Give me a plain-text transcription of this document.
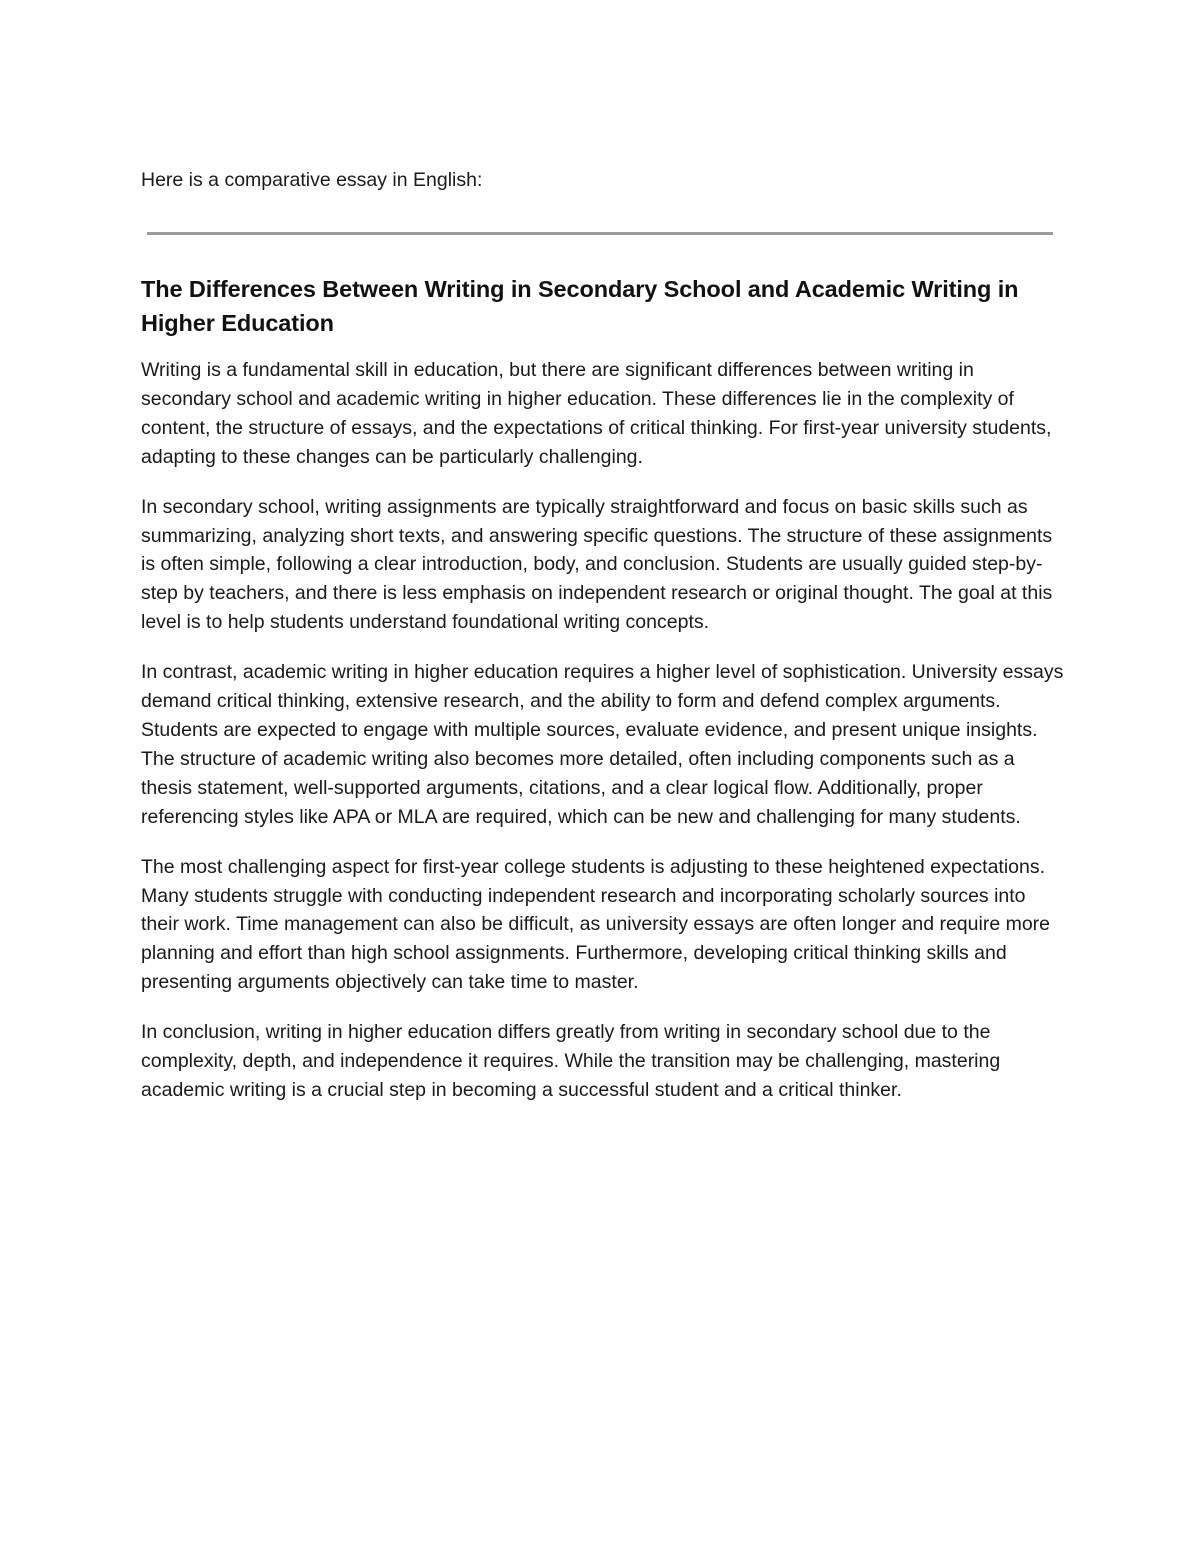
Here is a comparative essay in English:

The Differences Between Writing in Secondary School and Academic Writing in Higher Education

Writing is a fundamental skill in education, but there are significant differences between writing in secondary school and academic writing in higher education. These differences lie in the complexity of content, the structure of essays, and the expectations of critical thinking. For first-year university students, adapting to these changes can be particularly challenging.

In secondary school, writing assignments are typically straightforward and focus on basic skills such as summarizing, analyzing short texts, and answering specific questions. The structure of these assignments is often simple, following a clear introduction, body, and conclusion. Students are usually guided step-by-step by teachers, and there is less emphasis on independent research or original thought. The goal at this level is to help students understand foundational writing concepts.

In contrast, academic writing in higher education requires a higher level of sophistication. University essays demand critical thinking, extensive research, and the ability to form and defend complex arguments. Students are expected to engage with multiple sources, evaluate evidence, and present unique insights. The structure of academic writing also becomes more detailed, often including components such as a thesis statement, well-supported arguments, citations, and a clear logical flow. Additionally, proper referencing styles like APA or MLA are required, which can be new and challenging for many students.

The most challenging aspect for first-year college students is adjusting to these heightened expectations. Many students struggle with conducting independent research and incorporating scholarly sources into their work. Time management can also be difficult, as university essays are often longer and require more planning and effort than high school assignments. Furthermore, developing critical thinking skills and presenting arguments objectively can take time to master.

In conclusion, writing in higher education differs greatly from writing in secondary school due to the complexity, depth, and independence it requires. While the transition may be challenging, mastering academic writing is a crucial step in becoming a successful student and a critical thinker.
